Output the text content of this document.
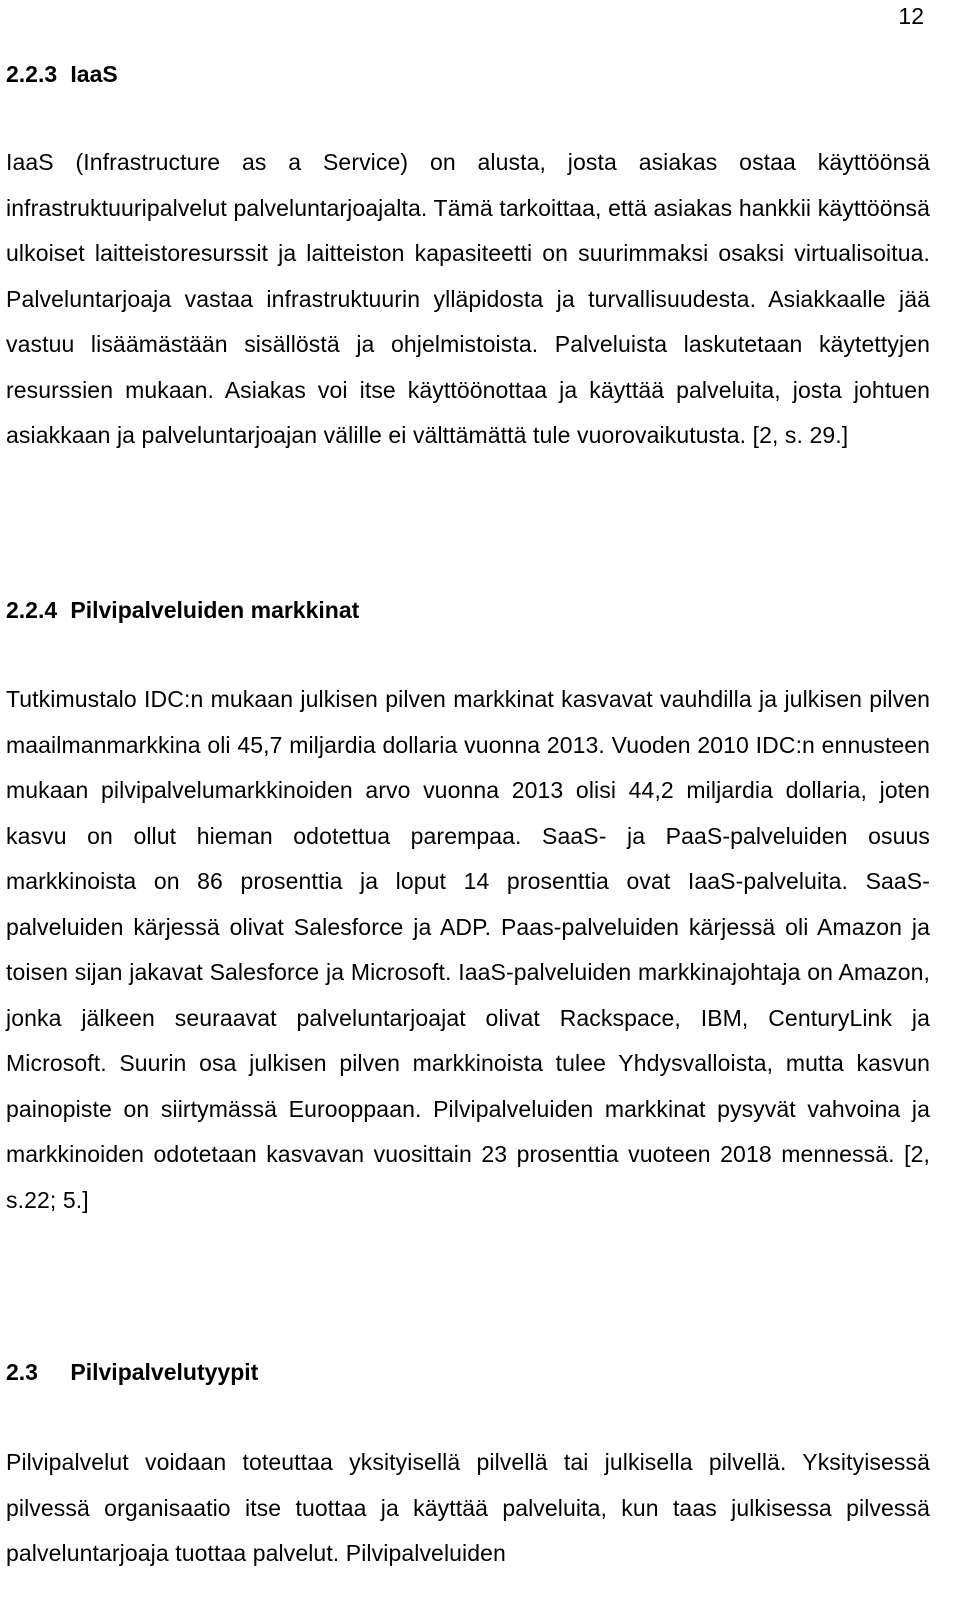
12
2.2.3 IaaS

IaaS (Infrastructure as a Service) on alusta, josta asiakas ostaa käyttöönsä infrastruktuuripalvelut palveluntarjoajalta. Tämä tarkoittaa, että asiakas hankkii käyttöönsä ulkoiset laitteistoresurssit ja laitteiston kapasiteetti on suurimmaksi osaksi virtualisoitua. Palveluntarjoaja vastaa infrastruktuurin ylläpidosta ja turvallisuudesta. Asiakkaalle jää vastuu lisäämästään sisällöstä ja ohjelmistoista. Palveluista laskutetaan käytettyjen resurssien mukaan. Asiakas voi itse käyttöönottaa ja käyttää palveluita, josta johtuen asiakkaan ja palveluntarjoajan välille ei välttämättä tule vuorovaikutusta. [2, s. 29.]

2.2.4 Pilvipalveluiden markkinat

Tutkimustalo IDC:n mukaan julkisen pilven markkinat kasvavat vauhdilla ja julkisen pilven maailmanmarkkina oli 45,7 miljardia dollaria vuonna 2013. Vuoden 2010 IDC:n ennusteen mukaan pilvipalvelumarkkinoiden arvo vuonna 2013 olisi 44,2 miljardia dollaria, joten kasvu on ollut hieman odotettua parempaa. SaaS- ja PaaS-palveluiden osuus markkinoista on 86 prosenttia ja loput 14 prosenttia ovat IaaS-palveluita. SaaS-palveluiden kärjessä olivat Salesforce ja ADP. Paas-palveluiden kärjessä oli Amazon ja toisen sijan jakavat Salesforce ja Microsoft. IaaS-palveluiden markkinajohtaja on Amazon, jonka jälkeen seuraavat palveluntarjoajat olivat Rackspace, IBM, CenturyLink ja Microsoft. Suurin osa julkisen pilven markkinoista tulee Yhdysvalloista, mutta kasvun painopiste on siirtymässä Eurooppaan. Pilvipalveluiden markkinat pysyvät vahvoina ja markkinoiden odotetaan kasvavan vuosittain 23 prosenttia vuoteen 2018 mennessä. [2, s.22; 5.]

2.3 Pilvipalvelutyypit

Pilvipalvelut voidaan toteuttaa yksityisellä pilvellä tai julkisella pilvellä. Yksityisessä pilvessä organisaatio itse tuottaa ja käyttää palveluita, kun taas julkisessa pilvessä palveluntarjoaja tuottaa palvelut. Pilvipalveluiden
